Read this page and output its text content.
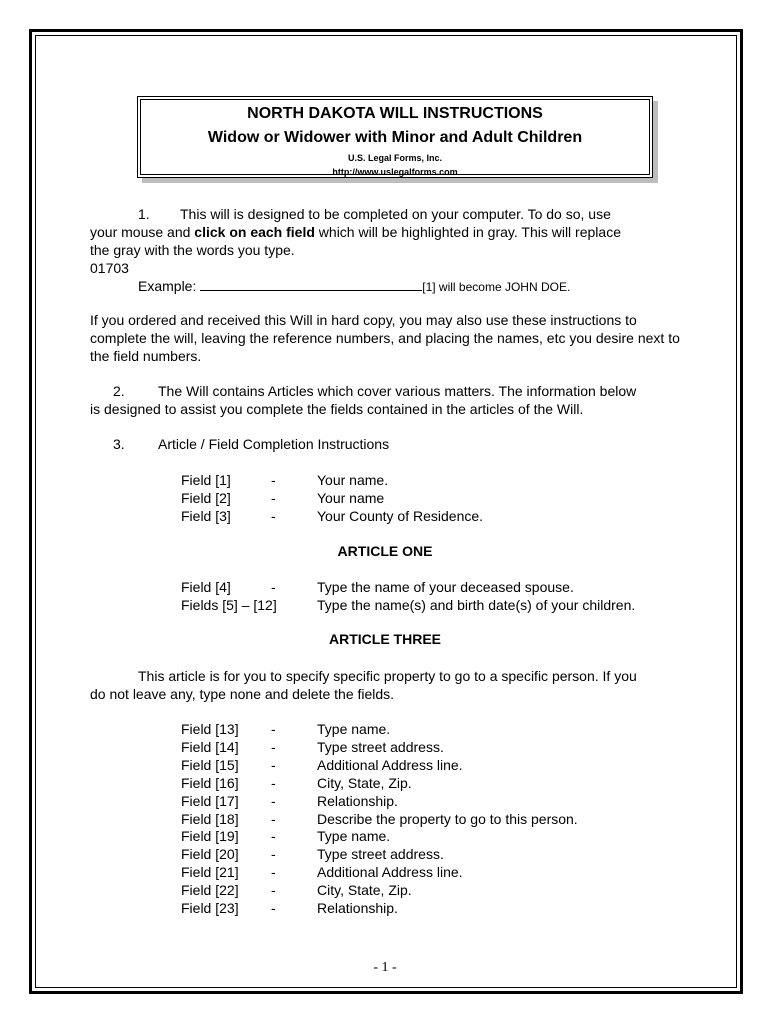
NORTH DAKOTA WILL INSTRUCTIONS
Widow or Widower with Minor and Adult Children
U.S. Legal Forms, Inc.
http://www.uslegalforms.com
1. This will is designed to be completed on your computer. To do so, use
your mouse and click on each field which will be highlighted in gray. This will replace
the gray with the words you type.
01703
Example:	[1] will become JOHN DOE.
If you ordered and received this Will in hard copy, you may also use these instructions to complete the will, leaving the reference numbers, and placing the names, etc you desire next to the field numbers.
2. The Will contains Articles which cover various matters. The information below
is designed to assist you complete the fields contained in the articles of the Will.
3. Article / Field Completion Instructions
Field [1]	-	Your name.
Field [2]	-	Your name
Field [3]	-	Your County of Residence.
ARTICLE ONE
Field [4]	-	Type the name of your deceased spouse.
Fields [5] – [12]	Type the name(s) and birth date(s) of your children.
ARTICLE THREE
This article is for you to specify specific property to go to a specific person. If you
do not leave any, type none and delete the fields.
Field [13] -	Type name.
Field [14] -	Type street address.
Field [15] -	Additional Address line.
Field [16] -	City, State, Zip.
Field [17] -	Relationship.
Field [18] -	Describe the property to go to this person.
Field [19] -	Type name.
Field [20] -	Type street address.
Field [21] -	Additional Address line.
Field [22] -	City, State, Zip.
Field [23] -	Relationship.
- 1 -
